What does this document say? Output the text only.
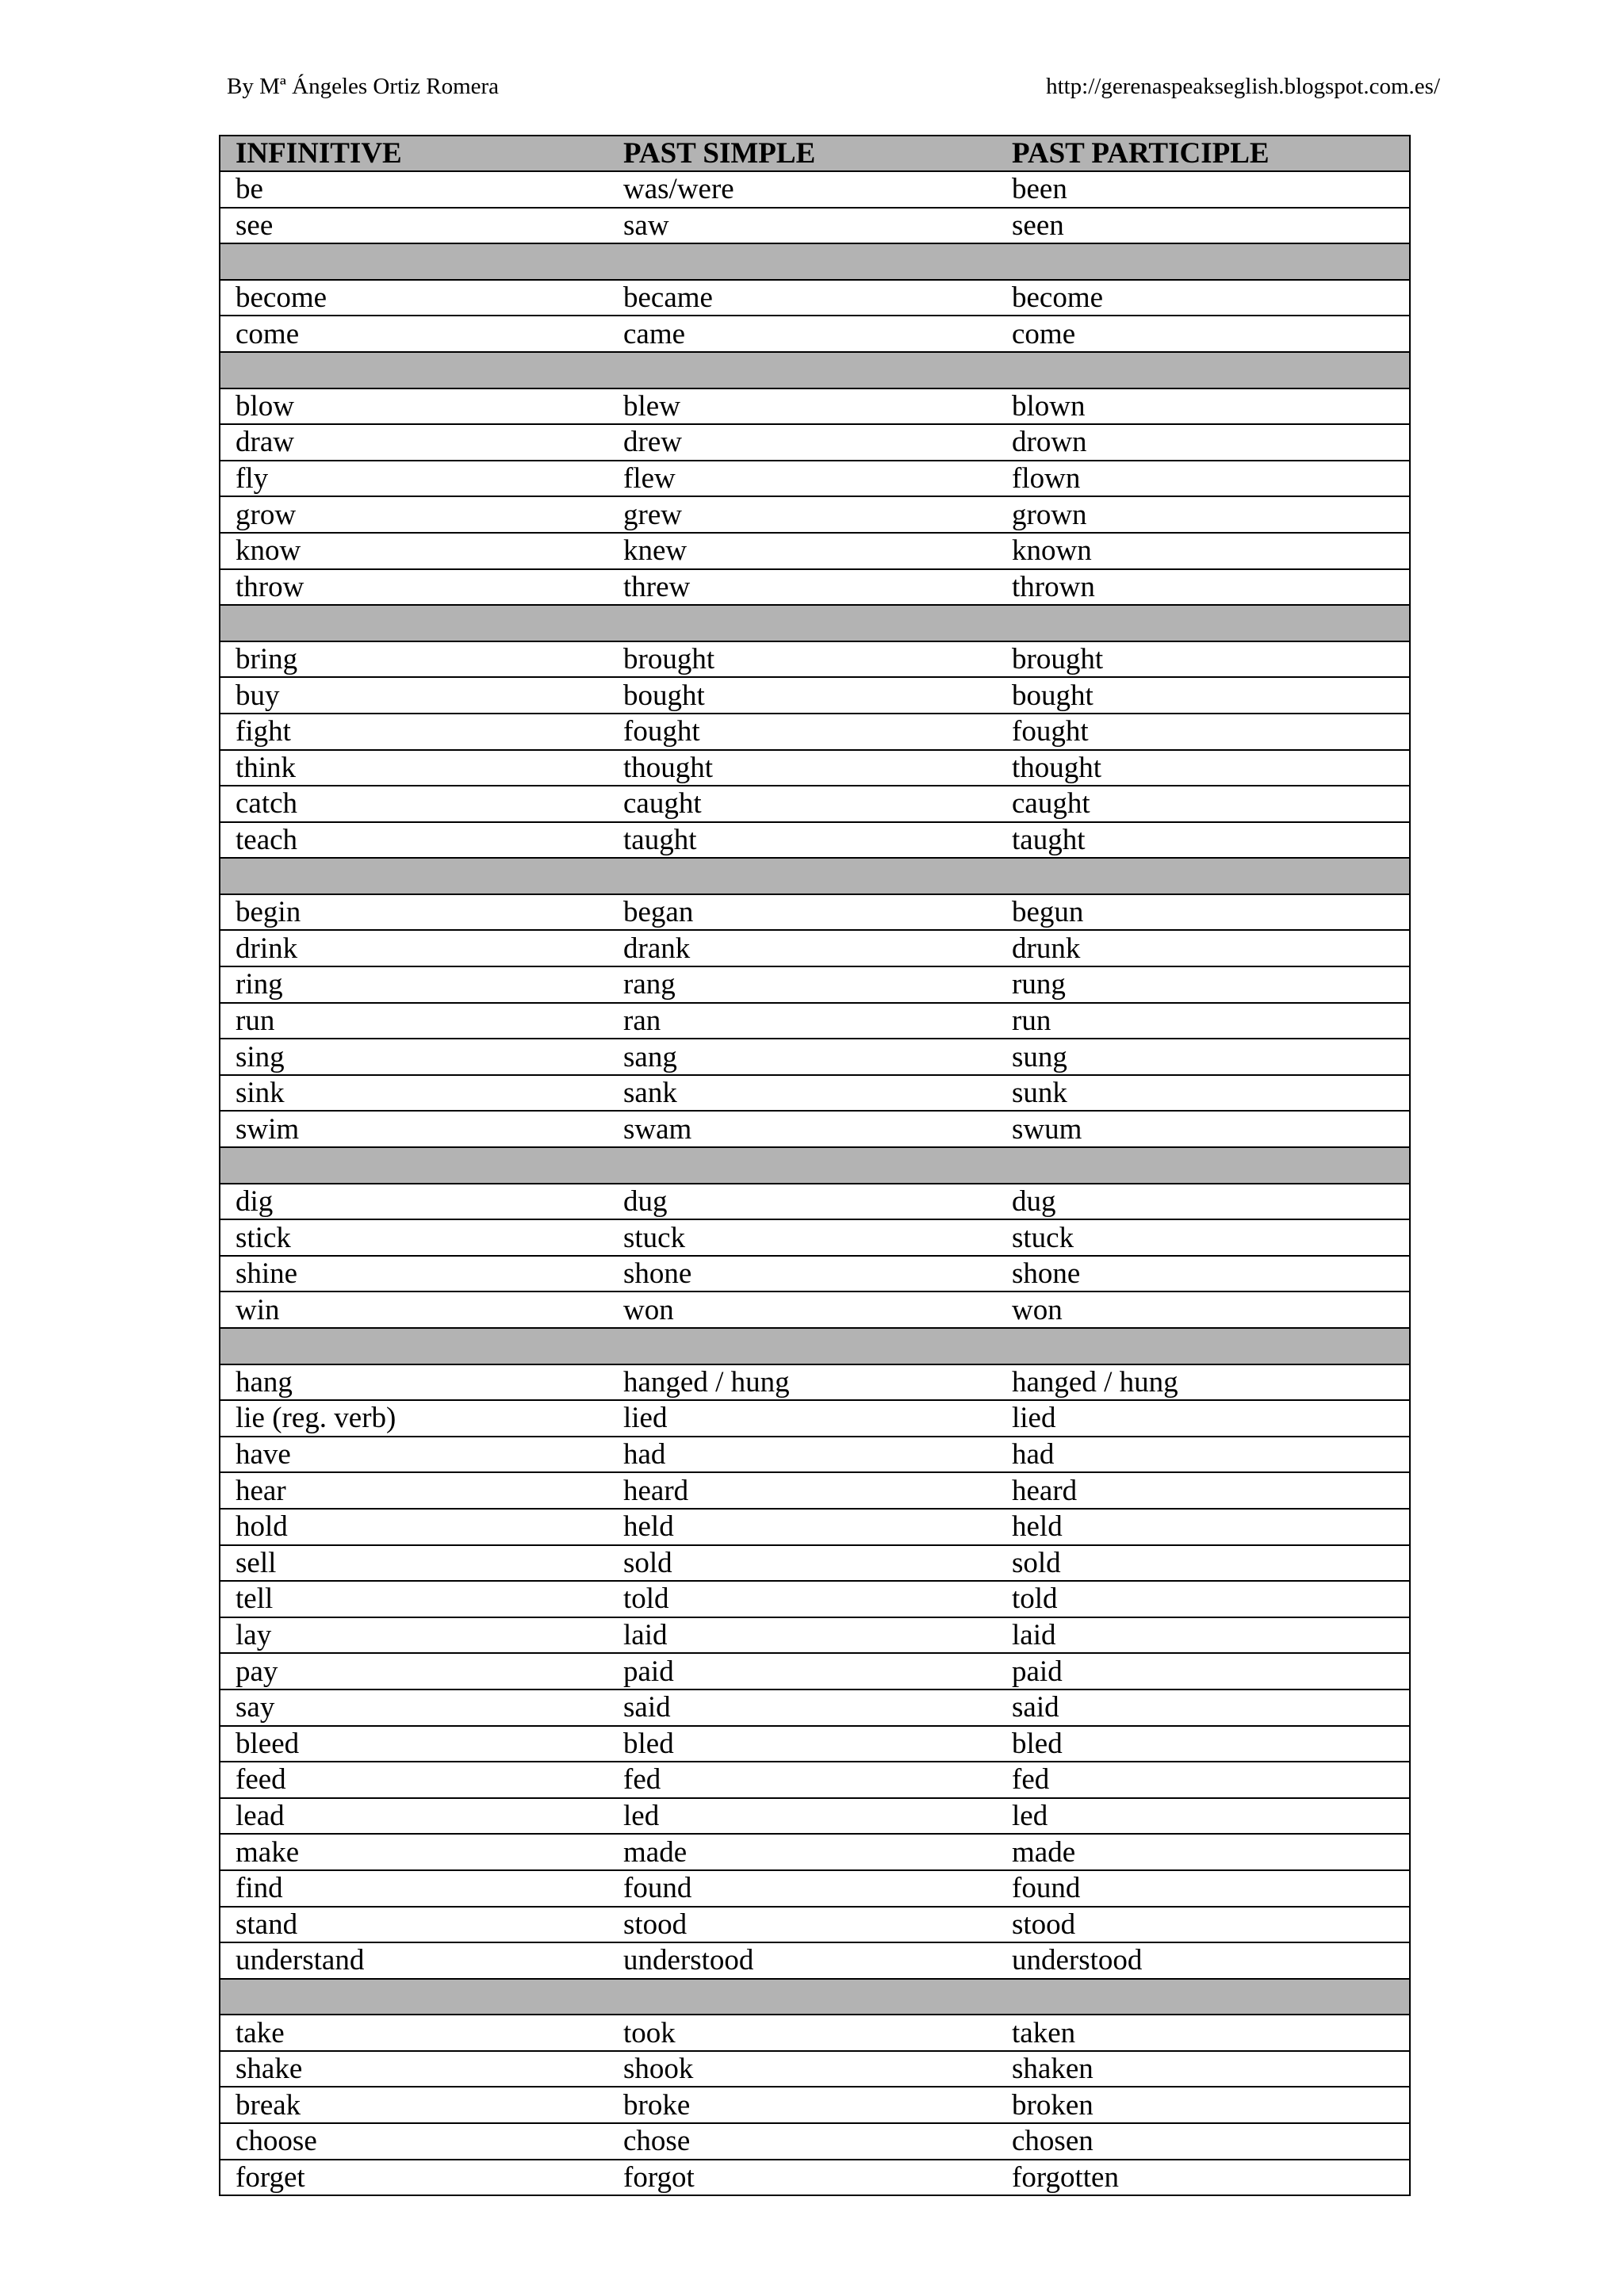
By Mª Ángeles Ortiz Romera	http://gerenaspeakseglish.blogspot.com.es/
INFINITIVE	PAST SIMPLE	PAST PARTICIPLE
be	was/were	been
see	saw	seen

become	became	become
come	came	come

blow	blew	blown
draw	drew	drown
fly	flew	flown
grow	grew	grown
know	knew	known
throw	threw	thrown

bring	brought	brought
buy	bought	bought
fight	fought	fought
think	thought	thought
catch	caught	caught
teach	taught	taught

begin	began	begun
drink	drank	drunk
ring	rang	rung
run	ran	run
sing	sang	sung
sink	sank	sunk
swim	swam	swum

dig	dug	dug
stick	stuck	stuck
shine	shone	shone
win	won	won

hang	hanged / hung	hanged / hung
lie (reg. verb)	lied	lied
have	had	had
hear	heard	heard
hold	held	held
sell	sold	sold
tell	told	told
lay	laid	laid
pay	paid	paid
say	said	said
bleed	bled	bled
feed	fed	fed
lead	led	led
make	made	made
find	found	found
stand	stood	stood
understand	understood	understood

take	took	taken
shake	shook	shaken
break	broke	broken
choose	chose	chosen
forget	forgot	forgotten
